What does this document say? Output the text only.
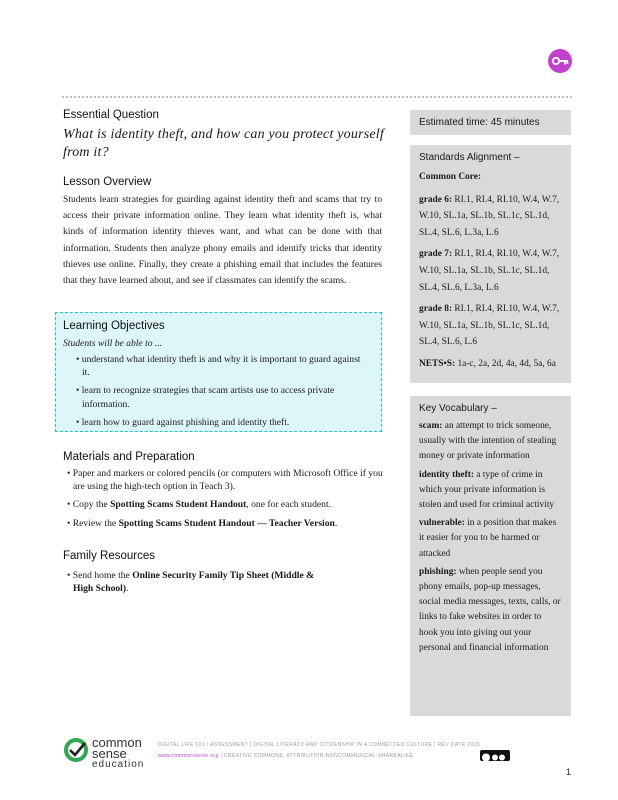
Essential Question
What is identity theft, and how can you protect yourself from it?
Lesson Overview
Students learn strategies for guarding against identity theft and scams that try to access their private information online. They learn what identity theft is, what kinds of information identity thieves want, and what can be done with that information. Students then analyze phony emails and identify tricks that identity thieves use online. Finally, they create a phishing email that includes the features that they have learned about, and see if classmates can identify the scams.
Learning Objectives
Students will be able to ...
• understand what identity theft is and why it is important to guard against it.
• learn to recognize strategies that scam artists use to access private information.
• learn how to guard against phishing and identity theft.
Materials and Preparation
• Paper and markers or colored pencils (or computers with Microsoft Office if you are using the high-tech option in Teach 3).
• Copy the Spotting Scams Student Handout, one for each student.
• Review the Spotting Scams Student Handout — Teacher Version.
Family Resources
• Send home the Online Security Family Tip Sheet (Middle & High School).
Estimated time: 45 minutes
Standards Alignment –
Common Core:
grade 6: RI.1, RI.4, RI.10, W.4, W.7, W.10, SL.1a, SL.1b, SL.1c, SL.1d, SL.4, SL.6, L.3a, L.6
grade 7: RI.1, RI.4, RI.10, W.4, W.7, W.10, SL.1a, SL.1b, SL.1c, SL.1d, SL.4, SL.6, L.3a, L.6
grade 8: RI.1, RI.4, RI.10, W.4, W.7, W.10, SL.1a, SL.1b, SL.1c, SL.1d, SL.4, SL.6, L.6
NETS•S: 1a-c, 2a, 2d, 4a, 4d, 5a, 6a
Key Vocabulary –
scam: an attempt to trick someone, usually with the intention of stealing money or private information
identity theft: a type of crime in which your private information is stolen and used for criminal activity
vulnerable: in a position that makes it easier for you to be harmed or attacked
phishing: when people send you phony emails, pop-up messages, social media messages, texts, calls, or links to fake websites in order to hook you into giving out your personal and financial information
common
sense
education
DIGITAL LIFE 101 / ASSESSMENT | DIGITAL LITERACY AND CITIZENSHIP IN A CONNECTED CULTURE | REV DATE 2015
www.commonsense.org | CREATIVE COMMONS: ATTRIBUTION-NONCOMMERCIAL-SHAREALIKE
1
